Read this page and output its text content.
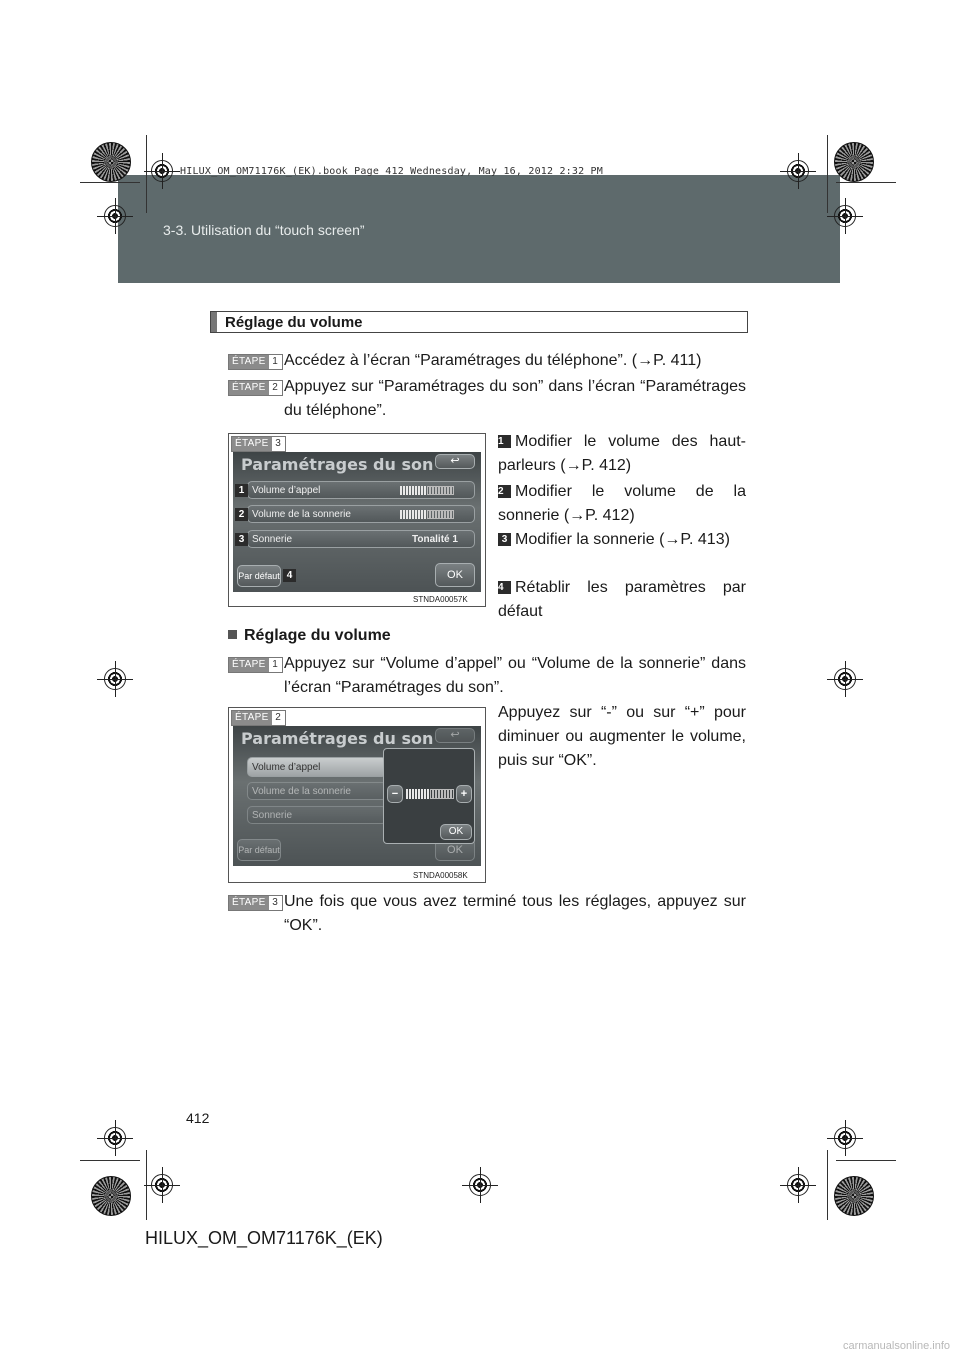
3-3. Utilisation du “touch screen”
HILUX_OM_OM71176K_(EK).book Page 412 Wednesday, May 16, 2012 2:32 PM
Réglage du volume
ÉTAPE 1 Accédez à l’écran “Paramétrages du téléphone”. (→P. 411)
ÉTAPE 2 Appuyez sur “Paramétrages du son” dans l’écran “Paramétrages du téléphone”.
ÉTAPE 3
Paramétrages du son	↩
Volume d’appel
Volume de la sonnerie
Sonnerie	Tonalité 1
1
2
3
Par défaut 4	OK
STNDA00057K
1 Modifier le volume des haut-parleurs (→P. 412)
2 Modifier le volume de la sonnerie (→P. 412)
3 Modifier la sonnerie (→P. 413)
4 Rétablir les paramètres par défaut
Réglage du volume
ÉTAPE 1 Appuyez sur “Volume d’appel” ou “Volume de la sonnerie” dans l’écran “Paramétrages du son”.
ÉTAPE 2
Paramétrages du son	↩
Volume d’appel
Volume de la sonnerie
Sonnerie
Par défaut	OK
−	+
OK
STNDA00058K
Appuyez sur “-” ou sur “+” pour diminuer ou augmenter le volume, puis sur “OK”.
ÉTAPE 3 Une fois que vous avez terminé tous les réglages, appuyez sur “OK”.
412
HILUX_OM_OM71176K_(EK)
carmanualsonline.info
